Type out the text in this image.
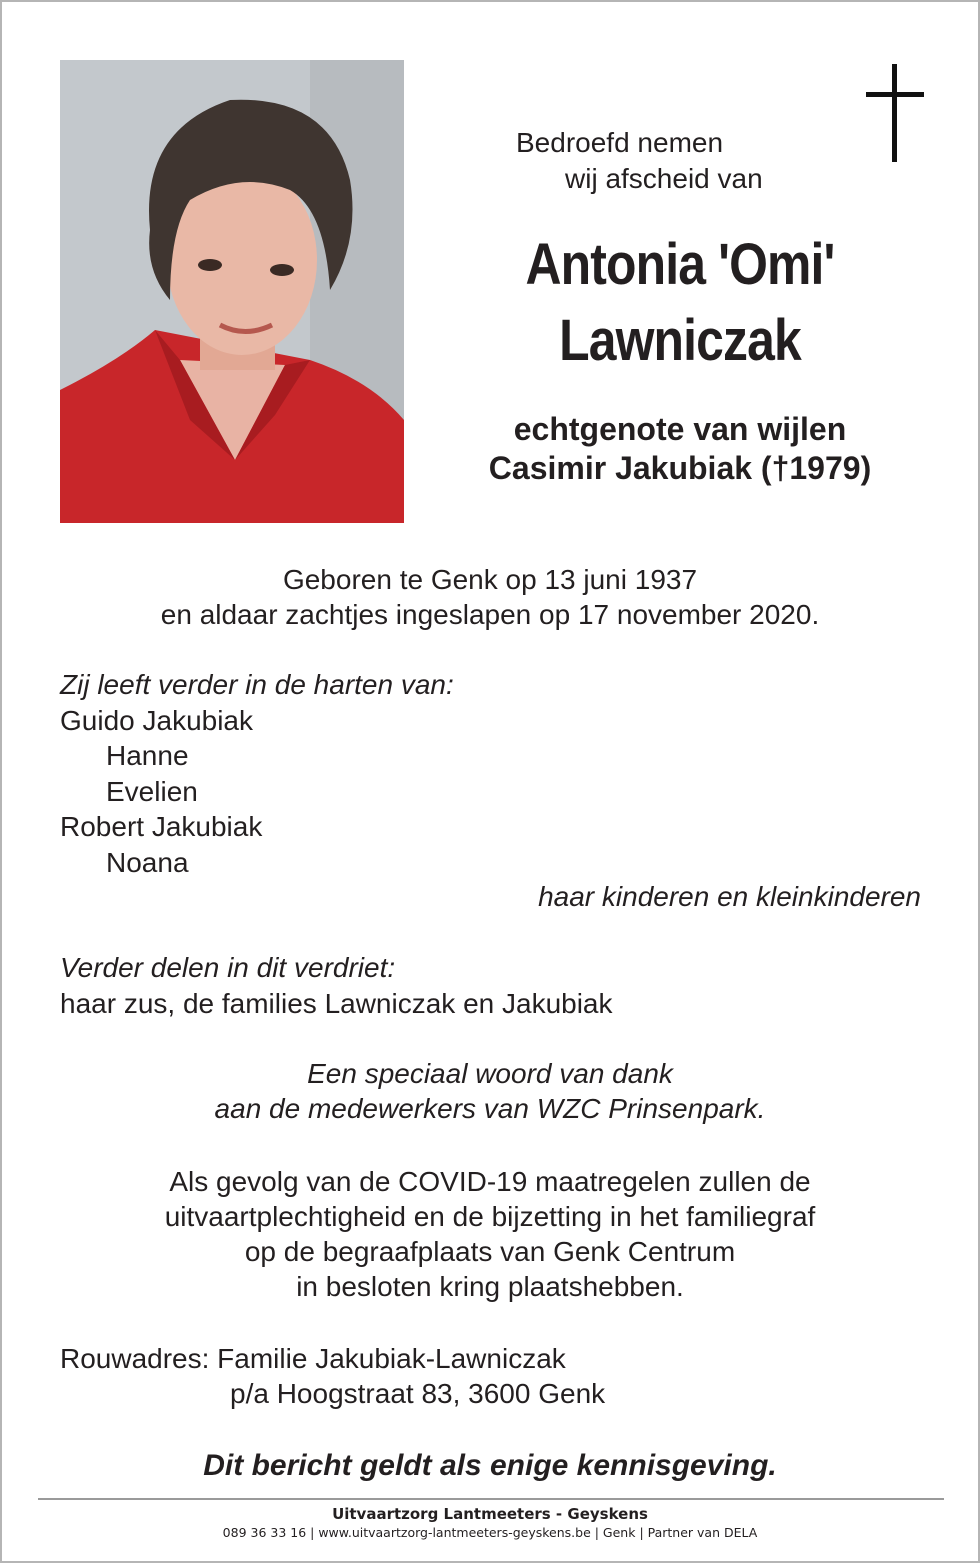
Bedroefd nemen
wij afscheid van
Antonia 'Omi'
Lawniczak
echtgenote van wijlen
Casimir Jakubiak (†1979)
Geboren te Genk op 13 juni 1937
en aldaar zachtjes ingeslapen op 17 november 2020.
Zij leeft verder in de harten van:
Guido Jakubiak
Hanne
Evelien
Robert Jakubiak
Noana
haar kinderen en kleinkinderen
Verder delen in dit verdriet:
haar zus, de families Lawniczak en Jakubiak
Een speciaal woord van dank
aan de medewerkers van WZC Prinsenpark.
Als gevolg van de COVID-19 maatregelen zullen de
uitvaartplechtigheid en de bijzetting in het familiegraf
op de begraafplaats van Genk Centrum
in besloten kring plaatshebben.
Rouwadres: Familie Jakubiak-Lawniczak
p/a Hoogstraat 83, 3600 Genk
Dit bericht geldt als enige kennisgeving.
Uitvaartzorg Lantmeeters - Geyskens
089 36 33 16 | www.uitvaartzorg-lantmeeters-geyskens.be | Genk | Partner van DELA
